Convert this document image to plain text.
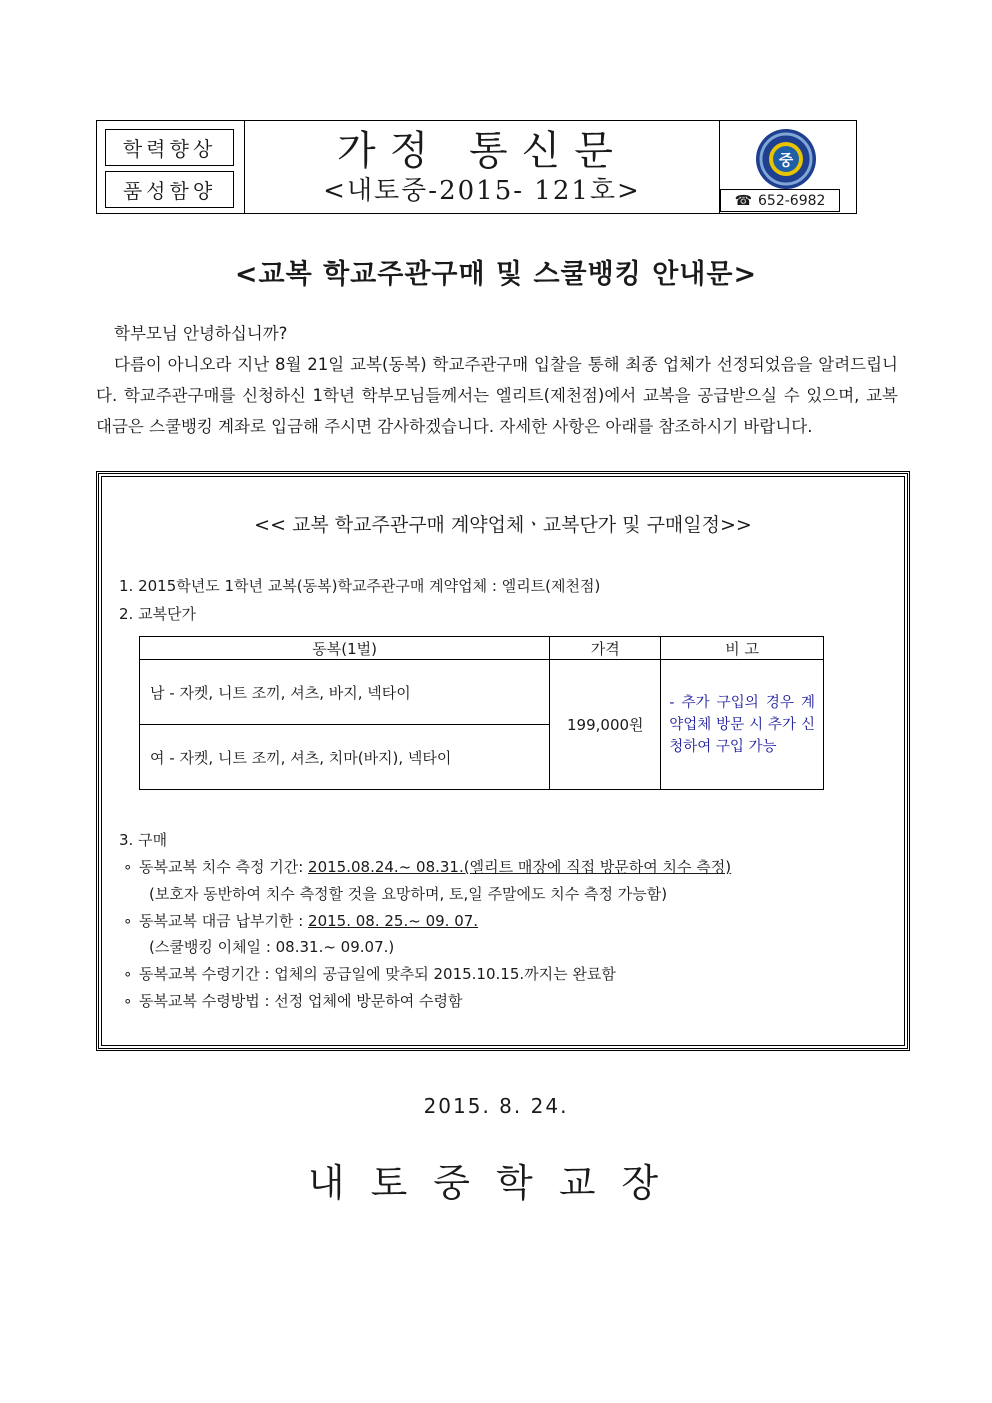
학력향상
품성함양
가정 통신문
<내토중-2015- 121호>
중
☎ 652-6982
<교복 학교주관구매 및 스쿨뱅킹 안내문>

학부모님 안녕하십니까?

다름이 아니오라 지난 8월 21일 교복(동복) 학교주관구매 입찰을 통해 최종 업체가 선정되었음을 알려드립니다. 학교주관구매를 신청하신 1학년 학부모님들께서는 엘리트(제천점)에서 교복을 공급받으실 수 있으며, 교복 대금은 스쿨뱅킹 계좌로 입금해 주시면 감사하겠습니다. 자세한 사항은 아래를 참조하시기 바랍니다.

<< 교복 학교주관구매 계약업체ㆍ교복단가 및 구매일정>>
1. 2015학년도 1학년 교복(동복)학교주관구매 계약업체 : 엘리트(제천점)
2. 교복단가
동복(1벌)	가격	비 고
남 - 자켓, 니트 조끼, 셔츠, 바지, 넥타이	199,000원	- 추가 구입의 경우 계약업체 방문 시 추가 신청하여 구입 가능
여 - 자켓, 니트 조끼, 셔츠, 치마(바지), 넥타이		
3. 구매
∘ 동복교복 치수 측정 기간: 2015.08.24.~ 08.31.(엘리트 매장에 직접 방문하여 치수 측정)
(보호자 동반하여 치수 측정할 것을 요망하며, 토,일 주말에도 치수 측정 가능함)
∘ 동복교복 대금 납부기한 : 2015. 08. 25.~ 09. 07.
(스쿨뱅킹 이체일 : 08.31.~ 09.07.)
∘ 동복교복 수령기간 : 업체의 공급일에 맞추되 2015.10.15.까지는 완료함
∘ 동복교복 수령방법 : 선정 업체에 방문하여 수령함
2015. 8. 24.
내토중학교장
